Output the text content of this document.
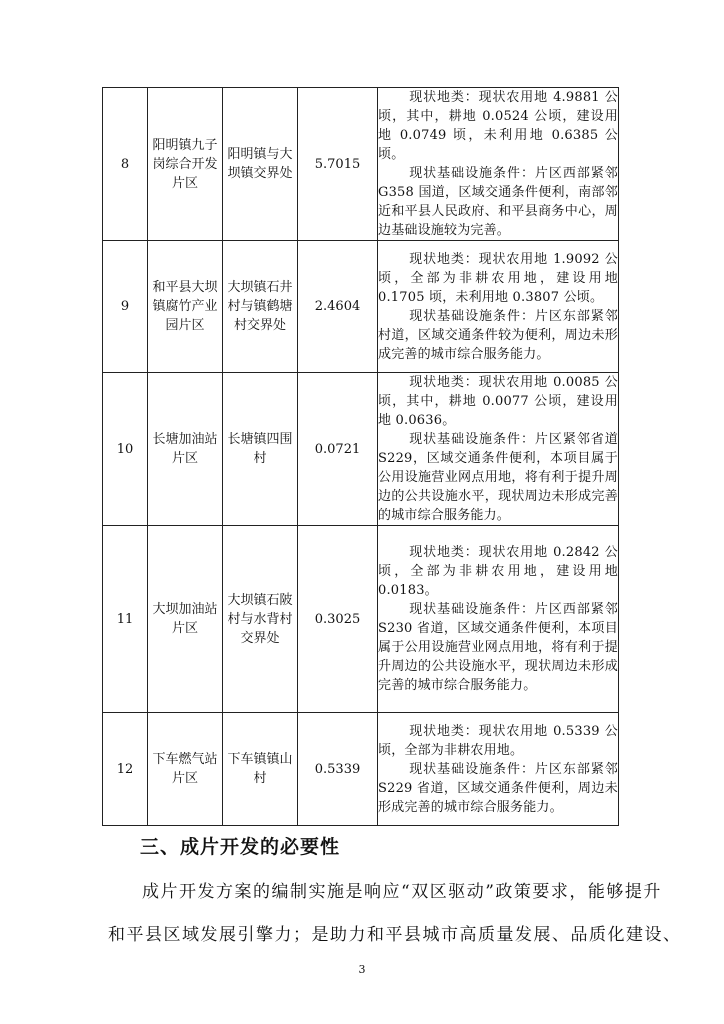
8	阳明镇九子岗综合开发片区	阳明镇与大坝镇交界处	5.7015	现状地类：现状农用地 4.9881 公顷，其中，耕地 0.0524 公顷，建设用地 0.0749 顷，未利用地 0.6385 公顷。

现状基础设施条件：片区西部紧邻 G358 国道，区域交通条件便利，南部邻近和平县人民政府、和平县商务中心，周边基础设施较为完善。

9	和平县大坝镇腐竹产业园片区	大坝镇石井村与镇鹤塘村交界处	2.4604	现状地类：现状农用地 1.9092 公顷，全部为非耕农用地，建设用地 0.1705 顷，未利用地 0.3807 公顷。

现状基础设施条件：片区东部紧邻村道，区域交通条件较为便利，周边未形成完善的城市综合服务能力。

10	长塘加油站片区	长塘镇四围村	0.0721	现状地类：现状农用地 0.0085 公顷，其中，耕地 0.0077 公顷，建设用地 0.0636。

现状基础设施条件：片区紧邻省道 S229，区域交通条件便利，本项目属于公用设施营业网点用地，将有利于提升周边的公共设施水平，现状周边未形成完善的城市综合服务能力。

11	大坝加油站片区	大坝镇石陂村与水背村交界处	0.3025	现状地类：现状农用地 0.2842 公顷，全部为非耕农用地，建设用地 0.0183。

现状基础设施条件：片区西部紧邻 S230 省道，区域交通条件便利，本项目属于公用设施营业网点用地，将有利于提升周边的公共设施水平，现状周边未形成完善的城市综合服务能力。

12	下车燃气站片区	下车镇镇山村	0.5339	现状地类：现状农用地 0.5339 公顷，全部为非耕农用地。

现状基础设施条件：片区东部紧邻 S229 省道，区域交通条件便利，周边未形成完善的城市综合服务能力。

三、成片开发的必要性

成片开发方案的编制实施是响应“双区驱动”政策要求，能够提升

和平县区域发展引擎力；是助力和平县城市高质量发展、品质化建设、

3
